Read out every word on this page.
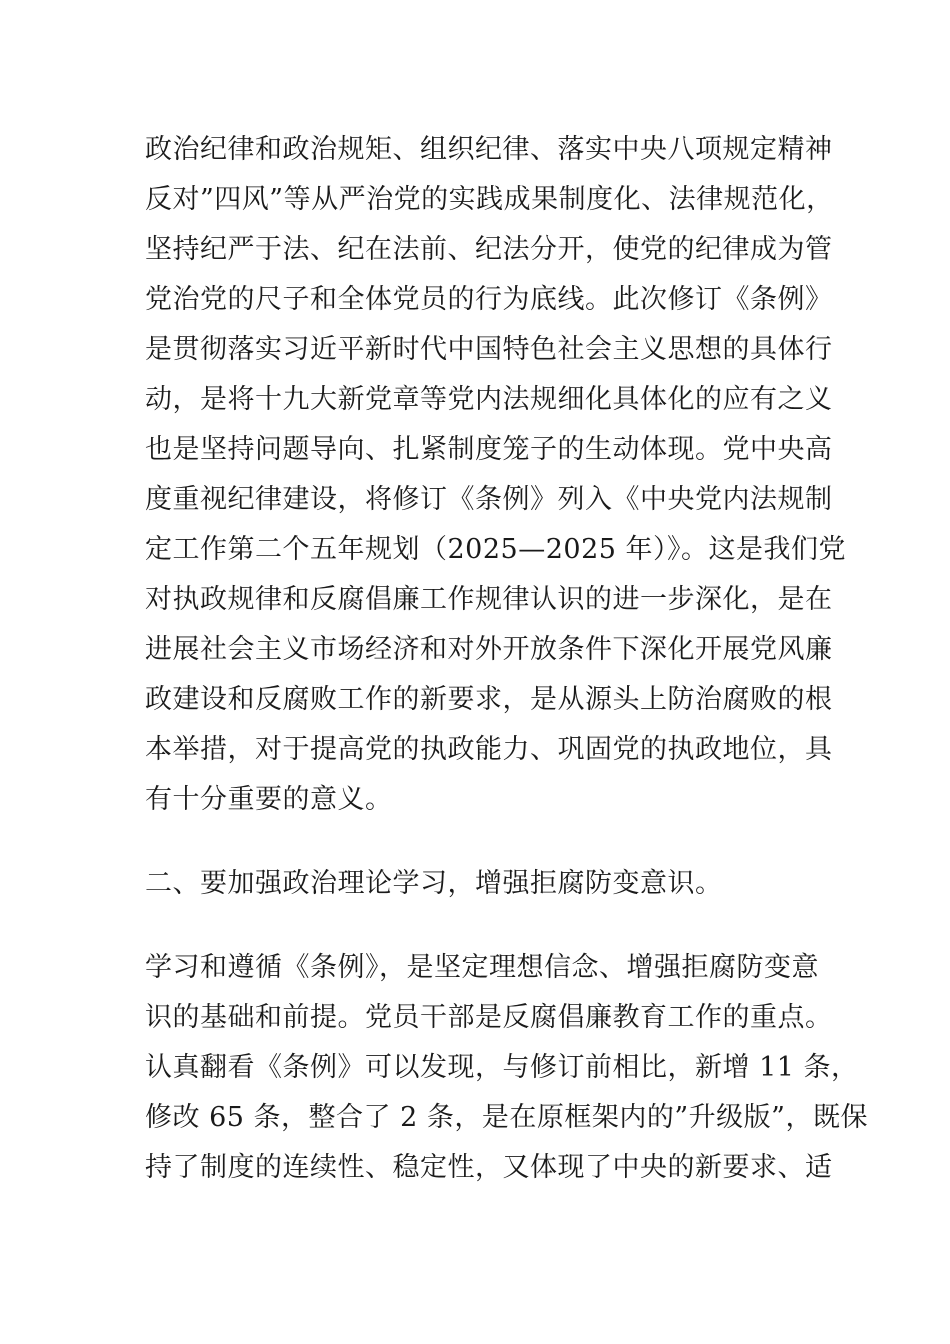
政治纪律和政治规矩、组织纪律、落实中央八项规定精神

反对”四风”等从严治党的实践成果制度化、法律规范化，

坚持纪严于法、纪在法前、纪法分开，使党的纪律成为管

党治党的尺子和全体党员的行为底线。此次修订《条例》

是贯彻落实习近平新时代中国特色社会主义思想的具体行

动，是将十九大新党章等党内法规细化具体化的应有之义

也是坚持问题导向、扎紧制度笼子的生动体现。党中央高

度重视纪律建设，将修订《条例》列入《中央党内法规制

定工作第二个五年规划（2025—2025 年）》。这是我们党

对执政规律和反腐倡廉工作规律认识的进一步深化，是在

进展社会主义市场经济和对外开放条件下深化开展党风廉

政建设和反腐败工作的新要求，是从源头上防治腐败的根

本举措，对于提高党的执政能力、巩固党的执政地位，具

有十分重要的意义。

二、要加强政治理论学习，增强拒腐防变意识。

学习和遵循《条例》，是坚定理想信念、增强拒腐防变意

识的基础和前提。党员干部是反腐倡廉教育工作的重点。

认真翻看《条例》可以发现，与修订前相比，新增 11 条，

修改 65 条，整合了 2 条，是在原框架内的”升级版”，既保

持了制度的连续性、稳定性，又体现了中央的新要求、适
